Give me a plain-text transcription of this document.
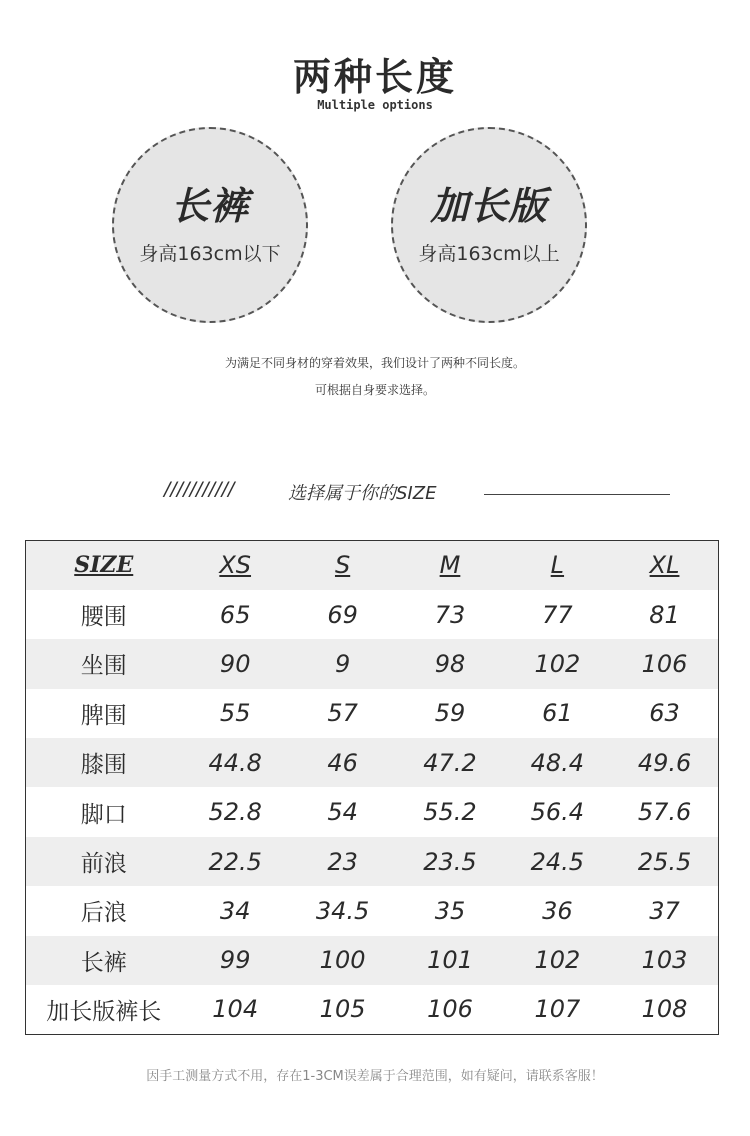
两种长度
Multiple options
长裤
身高163cm以下
加长版
身高163cm以上
为满足不同身材的穿着效果，我们设计了两种不同长度。
可根据自身要求选择。
///////////	选择属于你的SIZE
SIZE	XS	S	M	L	XL
腰围	65	69	73	77	81
坐围	90	9	98	102	106
脾围	55	57	59	61	63
膝围	44.8	46	47.2	48.4	49.6
脚口	52.8	54	55.2	56.4	57.6
前浪	22.5	23	23.5	24.5	25.5
后浪	34	34.5	35	36	37
长裤	99	100	101	102	103
加长版裤长	104	105	106	107	108
因手工测量方式不用，存在1-3CM误差属于合理范围，如有疑问，请联系客服！
